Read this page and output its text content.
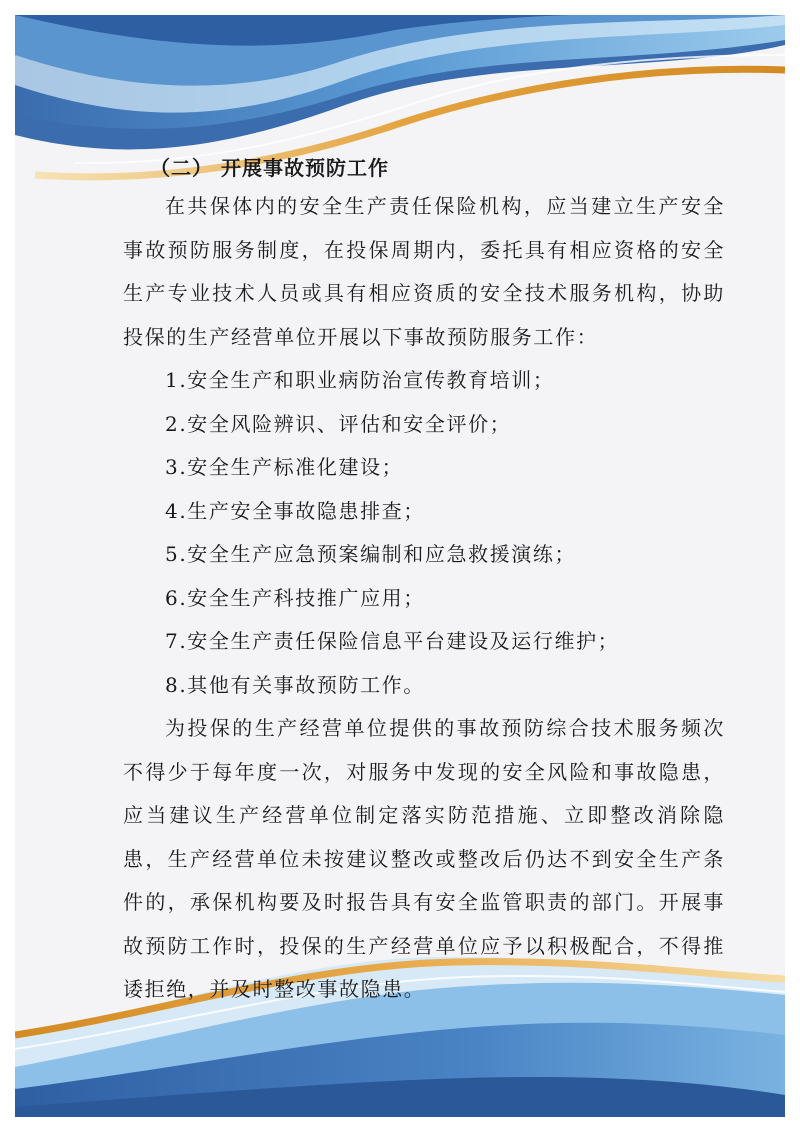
（二） 开展事故预防工作

在共保体内的安全生产责任保险机构，应当建立生产安全事故预防服务制度，在投保周期内，委托具有相应资格的安全生产专业技术人员或具有相应资质的安全技术服务机构，协助投保的生产经营单位开展以下事故预防服务工作：

1.安全生产和职业病防治宣传教育培训；
2.安全风险辨识、评估和安全评价；
3.安全生产标准化建设；
4.生产安全事故隐患排查；
5.安全生产应急预案编制和应急救援演练；
6.安全生产科技推广应用；
7.安全生产责任保险信息平台建设及运行维护；
8.其他有关事故预防工作。

为投保的生产经营单位提供的事故预防综合技术服务频次不得少于每年度一次，对服务中发现的安全风险和事故隐患，应当建议生产经营单位制定落实防范措施、立即整改消除隐患，生产经营单位未按建议整改或整改后仍达不到安全生产条件的，承保机构要及时报告具有安全监管职责的部门。开展事故预防工作时，投保的生产经营单位应予以积极配合，不得推诿拒绝，并及时整改事故隐患。
